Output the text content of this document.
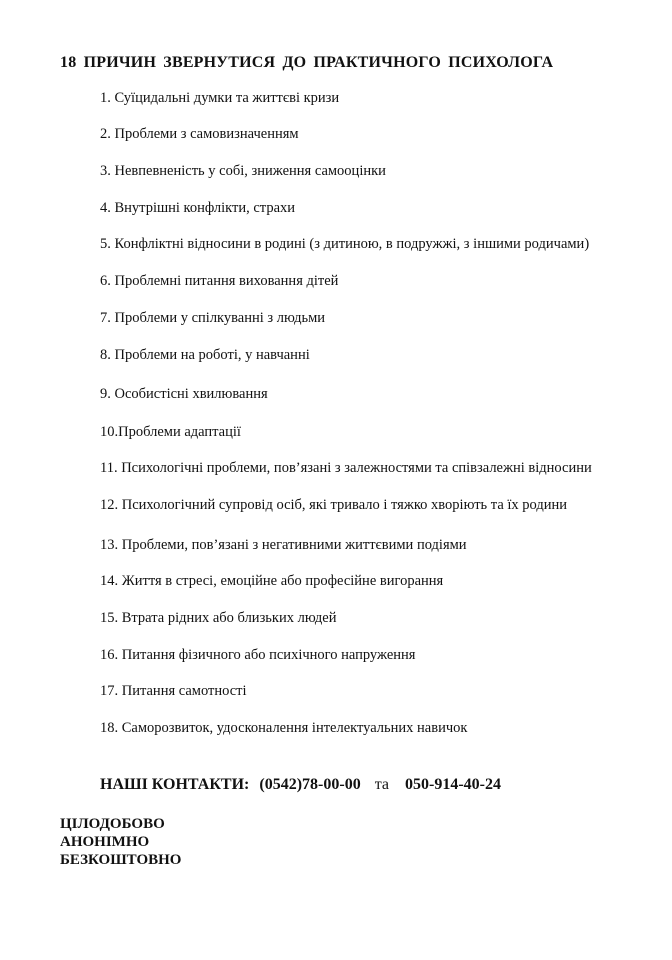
18 ПРИЧИН ЗВЕРНУТИСЯ ДО ПРАКТИЧНОГО ПСИХОЛОГА
1. Суїцидальні думки та життєві кризи
2. Проблеми з самовизначенням
3. Невпевненість у собі, зниження самооцінки
4. Внутрішні конфлікти, страхи
5. Конфліктні відносини в родині (з дитиною, в подружжі, з іншими родичами)
6. Проблемні питання виховання дітей
7. Проблеми у спілкуванні з людьми
8. Проблеми на роботі, у навчанні
9. Особистісні хвилювання
10.Проблеми адаптації
11. Психологічні проблеми, пов’язані з залежностями та співзалежні відносини
12. Психологічний супровід осіб, які тривало і тяжко хворіють та їх родини
13. Проблеми, пов’язані з негативними життєвими подіями
14. Життя в стресі, емоційне або професійне вигорання
15. Втрата рідних або близьких людей
16. Питання фізичного або психічного напруження
17. Питання самотності
18. Саморозвиток, удосконалення інтелектуальних навичок
НАШІ КОНТАКТИ: (0542)78-00-00 та 050-914-40-24
ЦІЛОДОБОВО
АНОНІМНО
БЕЗКОШТОВНО
